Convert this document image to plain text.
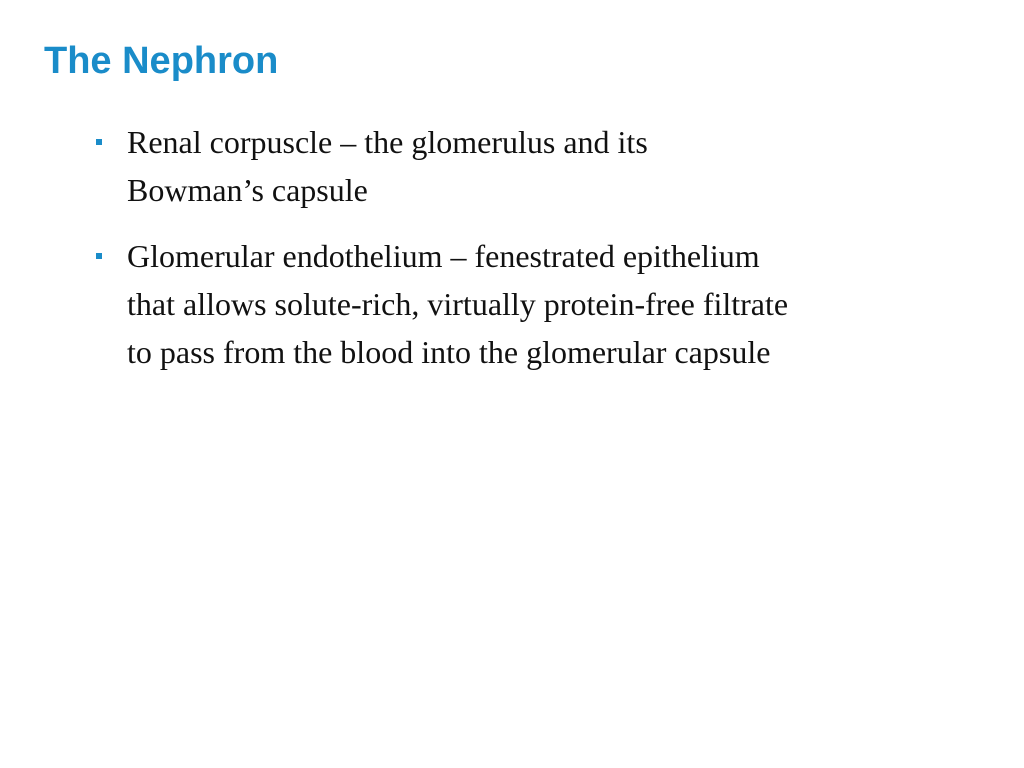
The Nephron
Renal corpuscle – the glomerulus and its
Bowman’s capsule
Glomerular endothelium – fenestrated epithelium
that allows solute-rich, virtually protein-free filtrate
to pass from the blood into the glomerular capsule
